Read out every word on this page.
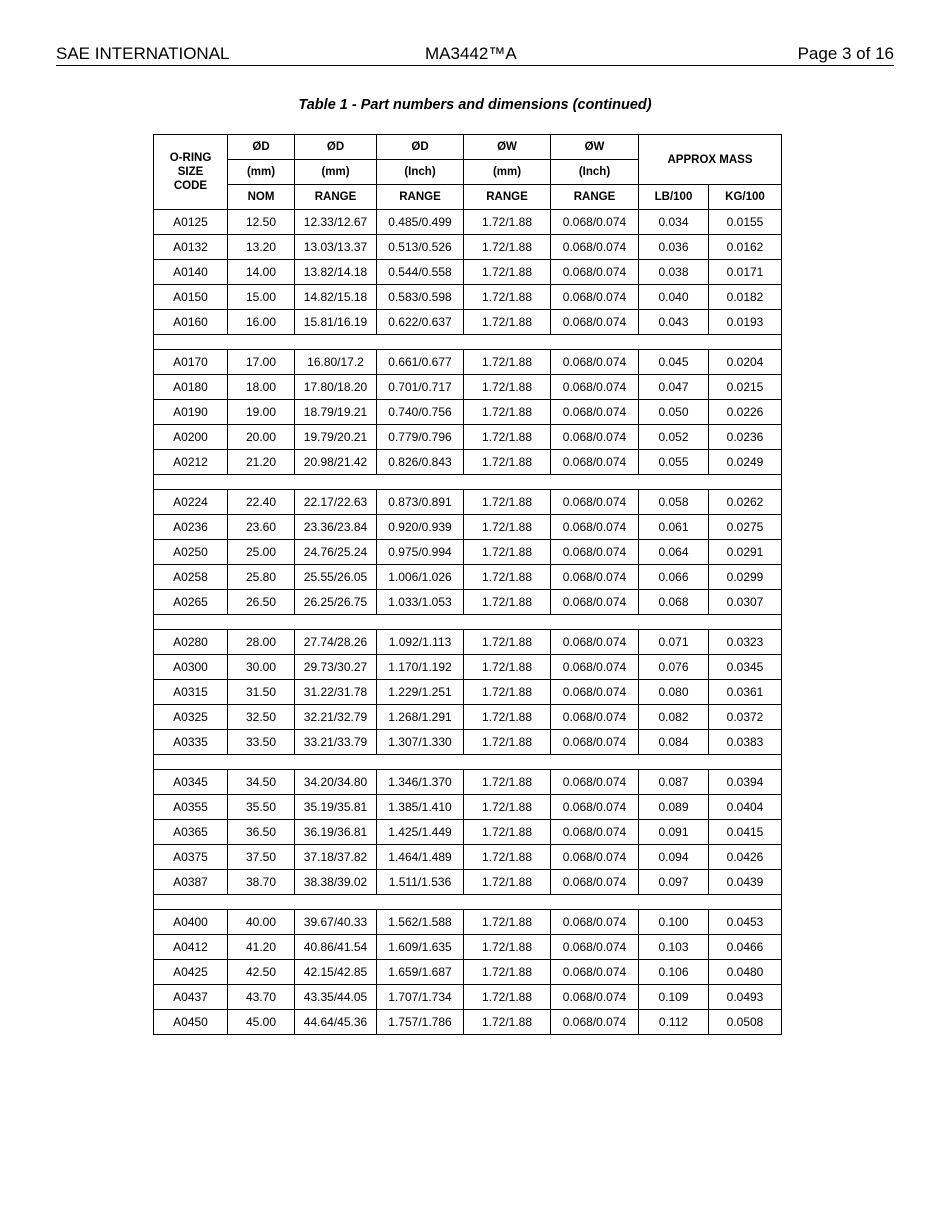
SAE INTERNATIONAL	MA3442™A	Page 3 of 16
Table 1 - Part numbers and dimensions (continued)
O-RING
SIZE
CODE	ØD	ØD	ØD	ØW	ØW	APPROX MASS	
	(mm)	(mm)	(Inch)	(mm)	(Inch)		
	NOM	RANGE	RANGE	RANGE	RANGE	LB/100	KG/100
A0125	12.50	12.33/12.67	0.485/0.499	1.72/1.88	0.068/0.074	0.034	0.0155
A0132	13.20	13.03/13.37	0.513/0.526	1.72/1.88	0.068/0.074	0.036	0.0162
A0140	14.00	13.82/14.18	0.544/0.558	1.72/1.88	0.068/0.074	0.038	0.0171
A0150	15.00	14.82/15.18	0.583/0.598	1.72/1.88	0.068/0.074	0.040	0.0182
A0160	16.00	15.81/16.19	0.622/0.637	1.72/1.88	0.068/0.074	0.043	0.0193

A0170	17.00	16.80/17.2	0.661/0.677	1.72/1.88	0.068/0.074	0.045	0.0204
A0180	18.00	17.80/18.20	0.701/0.717	1.72/1.88	0.068/0.074	0.047	0.0215
A0190	19.00	18.79/19.21	0.740/0.756	1.72/1.88	0.068/0.074	0.050	0.0226
A0200	20.00	19.79/20.21	0.779/0.796	1.72/1.88	0.068/0.074	0.052	0.0236
A0212	21.20	20.98/21.42	0.826/0.843	1.72/1.88	0.068/0.074	0.055	0.0249

A0224	22.40	22.17/22.63	0.873/0.891	1.72/1.88	0.068/0.074	0.058	0.0262
A0236	23.60	23.36/23.84	0.920/0.939	1.72/1.88	0.068/0.074	0.061	0.0275
A0250	25.00	24.76/25.24	0.975/0.994	1.72/1.88	0.068/0.074	0.064	0.0291
A0258	25.80	25.55/26.05	1.006/1.026	1.72/1.88	0.068/0.074	0.066	0.0299
A0265	26.50	26.25/26.75	1.033/1.053	1.72/1.88	0.068/0.074	0.068	0.0307

A0280	28.00	27.74/28.26	1.092/1.113	1.72/1.88	0.068/0.074	0.071	0.0323
A0300	30.00	29.73/30.27	1.170/1.192	1.72/1.88	0.068/0.074	0.076	0.0345
A0315	31.50	31.22/31.78	1.229/1.251	1.72/1.88	0.068/0.074	0.080	0.0361
A0325	32.50	32.21/32.79	1.268/1.291	1.72/1.88	0.068/0.074	0.082	0.0372
A0335	33.50	33.21/33.79	1.307/1.330	1.72/1.88	0.068/0.074	0.084	0.0383

A0345	34.50	34.20/34.80	1.346/1.370	1.72/1.88	0.068/0.074	0.087	0.0394
A0355	35.50	35.19/35.81	1.385/1.410	1.72/1.88	0.068/0.074	0.089	0.0404
A0365	36.50	36.19/36.81	1.425/1.449	1.72/1.88	0.068/0.074	0.091	0.0415
A0375	37.50	37.18/37.82	1.464/1.489	1.72/1.88	0.068/0.074	0.094	0.0426
A0387	38.70	38.38/39.02	1.511/1.536	1.72/1.88	0.068/0.074	0.097	0.0439

A0400	40.00	39.67/40.33	1.562/1.588	1.72/1.88	0.068/0.074	0.100	0.0453
A0412	41.20	40.86/41.54	1.609/1.635	1.72/1.88	0.068/0.074	0.103	0.0466
A0425	42.50	42.15/42.85	1.659/1.687	1.72/1.88	0.068/0.074	0.106	0.0480
A0437	43.70	43.35/44.05	1.707/1.734	1.72/1.88	0.068/0.074	0.109	0.0493
A0450	45.00	44.64/45.36	1.757/1.786	1.72/1.88	0.068/0.074	0.112	0.0508
